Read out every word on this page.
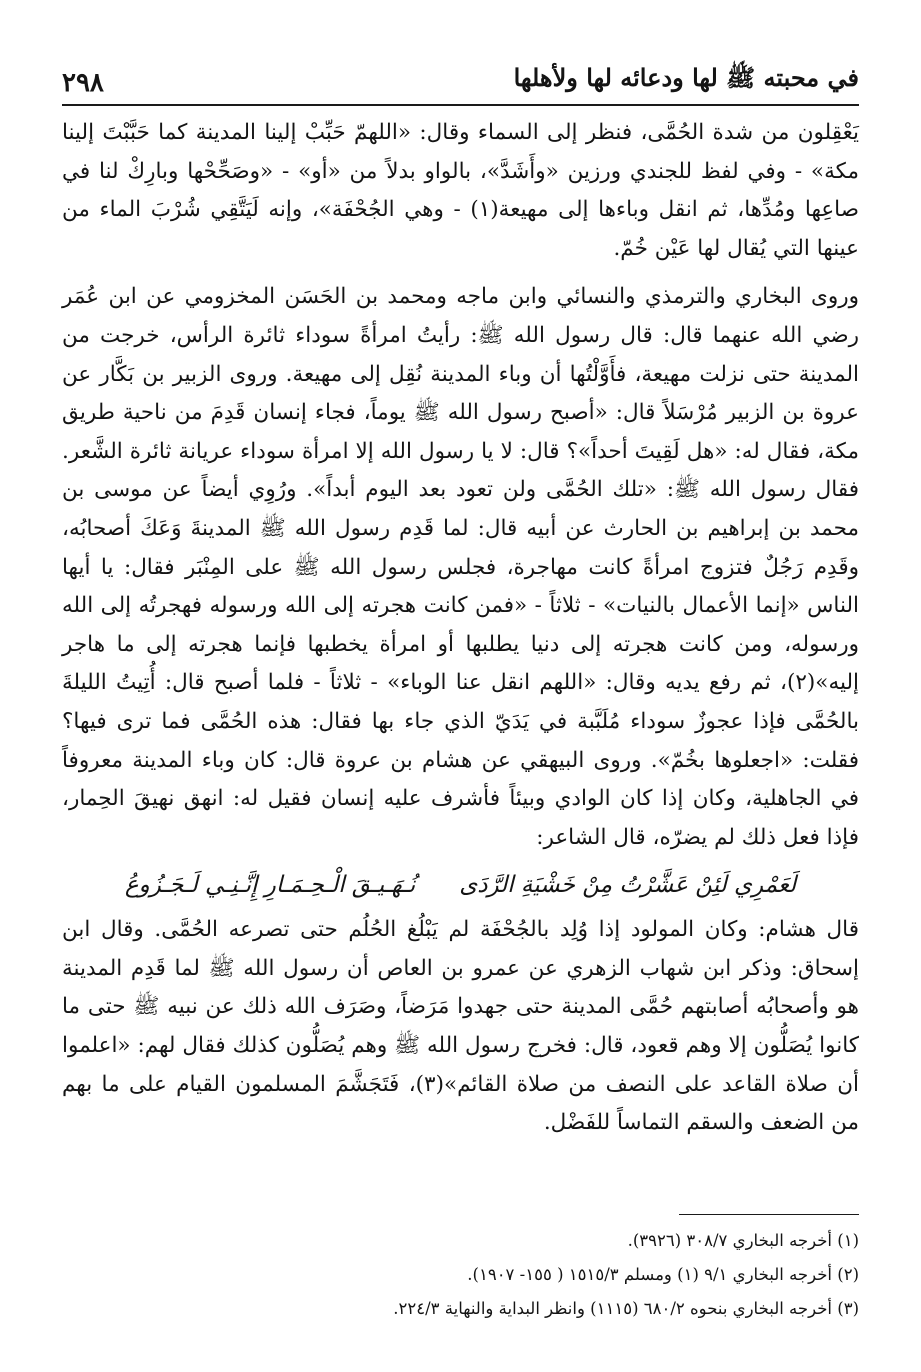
في محبته ﷺ لها ودعائه لها ولأهلها
٢٩٨

يَعْقِلون من شدة الحُمَّى، فنظر إلى السماء وقال: «اللهمّ حَبِّبْ إلينا المدينة كما حَبَّبْتَ إلينا مكة» - وفي لفظ للجندي ورزين «وأَشَدَّ»، بالواو بدلاً من «أو» - «وصَحِّحْها وبارِكْ لنا في صاعِها ومُدِّها، ثم انقل وباءها إلى مهيعة(١) - وهي الجُحْفَة»، وإنه لَيَتَّقِي شُرْبَ الماء من عينها التي يُقال لها عَيْن خُمّ.

وروى البخاري والترمذي والنسائي وابن ماجه ومحمد بن الحَسَن المخزومي عن ابن عُمَر رضي الله عنهما قال: قال رسول الله ﷺ: رأيتُ امرأةً سوداء ثائرة الرأس، خرجت من المدينة حتى نزلت مهيعة، فأَوَّلْتُها أن وباء المدينة نُقِل إلى مهيعة. وروى الزبير بن بَكَّار عن عروة بن الزبير مُرْسَلاً قال: «أصبح رسول الله ﷺ يوماً، فجاء إنسان قَدِمَ من ناحية طريق مكة، فقال له: «هل لَقِيتَ أحداً»؟ قال: لا يا رسول الله إلا امرأة سوداء عريانة ثائرة الشَّعر. فقال رسول الله ﷺ: «تلك الحُمَّى ولن تعود بعد اليوم أبداً». ورُوِي أيضاً عن موسى بن محمد بن إبراهيم بن الحارث عن أبيه قال: لما قَدِم رسول الله ﷺ المدينةَ وَعَكَ أصحابُه، وقَدِم رَجُلٌ فتزوج امرأةً كانت مهاجرة، فجلس رسول الله ﷺ على المِنْبَر فقال: يا أيها الناس «إنما الأعمال بالنيات» - ثلاثاً - «فمن كانت هجرته إلى الله ورسوله فهجرتُه إلى الله ورسوله، ومن كانت هجرته إلى دنيا يطلبها أو امرأة يخطبها فإنما هجرته إلى ما هاجر إليه»(٢)، ثم رفع يديه وقال: «اللهم انقل عنا الوباء» - ثلاثاً - فلما أصبح قال: أُتِيتُ الليلةَ بالحُمَّى فإذا عجوزٌ سوداء مُلَبَّبة في يَدَيّ الذي جاء بها فقال: هذه الحُمَّى فما ترى فيها؟ فقلت: «اجعلوها بخُمّ». وروى البيهقي عن هشام بن عروة قال: كان وباء المدينة معروفاً في الجاهلية، وكان إذا كان الوادي وبيئاً فأشرف عليه إنسان فقيل له: انهق نهيقَ الحِمار، فإذا فعل ذلك لم يضرّه، قال الشاعر:

لَعَمْرِي لَئِنْ عَشَّرْتُ مِنْ خَشْيَةِ الرَّدَى
نُـهَـيـقَ الْـحِـمَـارِ إِنَّـنِـي لَـجَـزُوعُ

قال هشام: وكان المولود إذا وُلِد بالجُحْفَة لم يَبْلُغ الحُلُم حتى تصرعه الحُمَّى. وقال ابن إسحاق: وذكر ابن شهاب الزهري عن عمرو بن العاص أن رسول الله ﷺ لما قَدِم المدينة هو وأصحابُه أصابتهم حُمَّى المدينة حتى جهدوا مَرَضاً، وصَرَف الله ذلك عن نبيه ﷺ حتى ما كانوا يُصَلُّون إلا وهم قعود، قال: فخرج رسول الله ﷺ وهم يُصَلُّون كذلك فقال لهم: «اعلموا أن صلاة القاعد على النصف من صلاة القائم»(٣)، فَتَجَشَّمَ المسلمون القيام على ما بهم من الضعف والسقم التماساً للفَضْل.

(١) أخرجه البخاري ٣٠٨/٧ (٣٩٢٦).

(٢) أخرجه البخاري ٩/١ (١) ومسلم ١٥١٥/٣ ( ١٥٥- ١٩٠٧).

(٣) أخرجه البخاري بنحوه ٦٨٠/٢ (١١١٥) وانظر البداية والنهاية ٢٢٤/٣.
